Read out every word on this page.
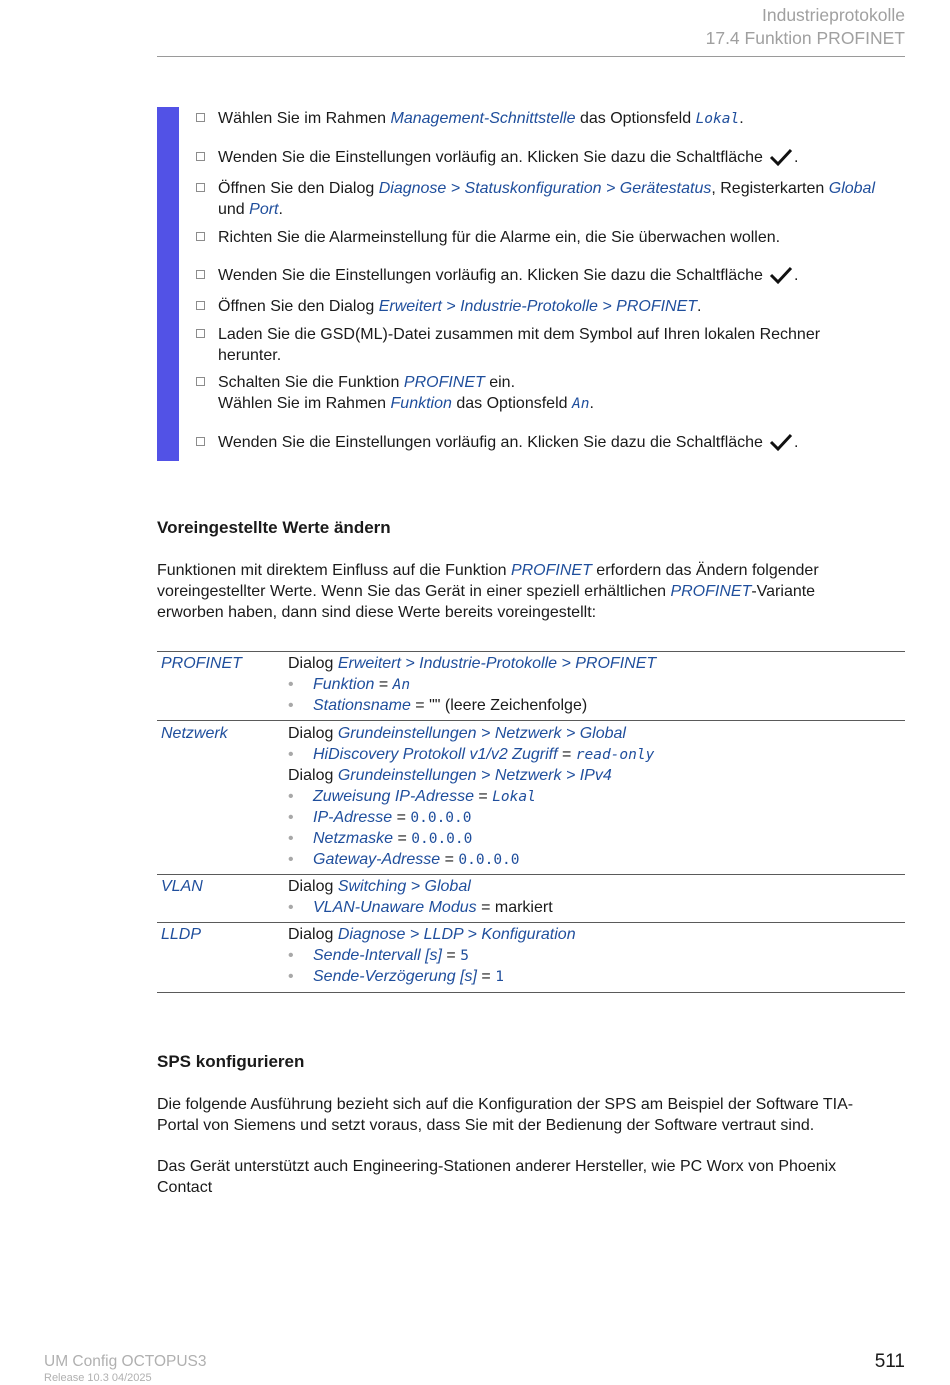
Industrieprotokolle
17.4 Funktion PROFINET
Wählen Sie im Rahmen Management-Schnittstelle das Optionsfeld Lokal.
Wenden Sie die Einstellungen vorläufig an. Klicken Sie dazu die Schaltfläche .
Öffnen Sie den Dialog Diagnose > Statuskonfiguration > Gerätestatus, Registerkarten Global
und Port.
Richten Sie die Alarmeinstellung für die Alarme ein, die Sie überwachen wollen.
Wenden Sie die Einstellungen vorläufig an. Klicken Sie dazu die Schaltfläche .
Öffnen Sie den Dialog Erweitert > Industrie-Protokolle > PROFINET.
Laden Sie die GSD(ML)-Datei zusammen mit dem Symbol auf Ihren lokalen Rechner
herunter.
Schalten Sie die Funktion PROFINET ein.
Wählen Sie im Rahmen Funktion das Optionsfeld An.
Wenden Sie die Einstellungen vorläufig an. Klicken Sie dazu die Schaltfläche .
Voreingestellte Werte ändern
Funktionen mit direktem Einfluss auf die Funktion PROFINET erfordern das Ändern folgender
voreingestellter Werte. Wenn Sie das Gerät in einer speziell erhältlichen PROFINET-Variante
erworben haben, dann sind diese Werte bereits voreingestellt:
PROFINET	Dialog Erweitert > Industrie-Protokolle > PROFINET
• Funktion = An
• Stationsname = "" (leere Zeichenfolge)
Netzwerk	Dialog Grundeinstellungen > Netzwerk > Global
• HiDiscovery Protokoll v1/v2 Zugriff = read-only
Dialog Grundeinstellungen > Netzwerk > IPv4
• Zuweisung IP-Adresse = Lokal
• IP-Adresse = 0.0.0.0
• Netzmaske = 0.0.0.0
• Gateway-Adresse = 0.0.0.0
VLAN	Dialog Switching > Global
• VLAN-Unaware Modus = markiert
LLDP	Dialog Diagnose > LLDP > Konfiguration
• Sende-Intervall [s] = 5
• Sende-Verzögerung [s] = 1
SPS konfigurieren
Die folgende Ausführung bezieht sich auf die Konfiguration der SPS am Beispiel der Software TIA-
Portal von Siemens und setzt voraus, dass Sie mit der Bedienung der Software vertraut sind.
Das Gerät unterstützt auch Engineering-Stationen anderer Hersteller, wie PC Worx von Phoenix
Contact
UM Config OCTOPUS3
Release 10.3 04/2025
511
